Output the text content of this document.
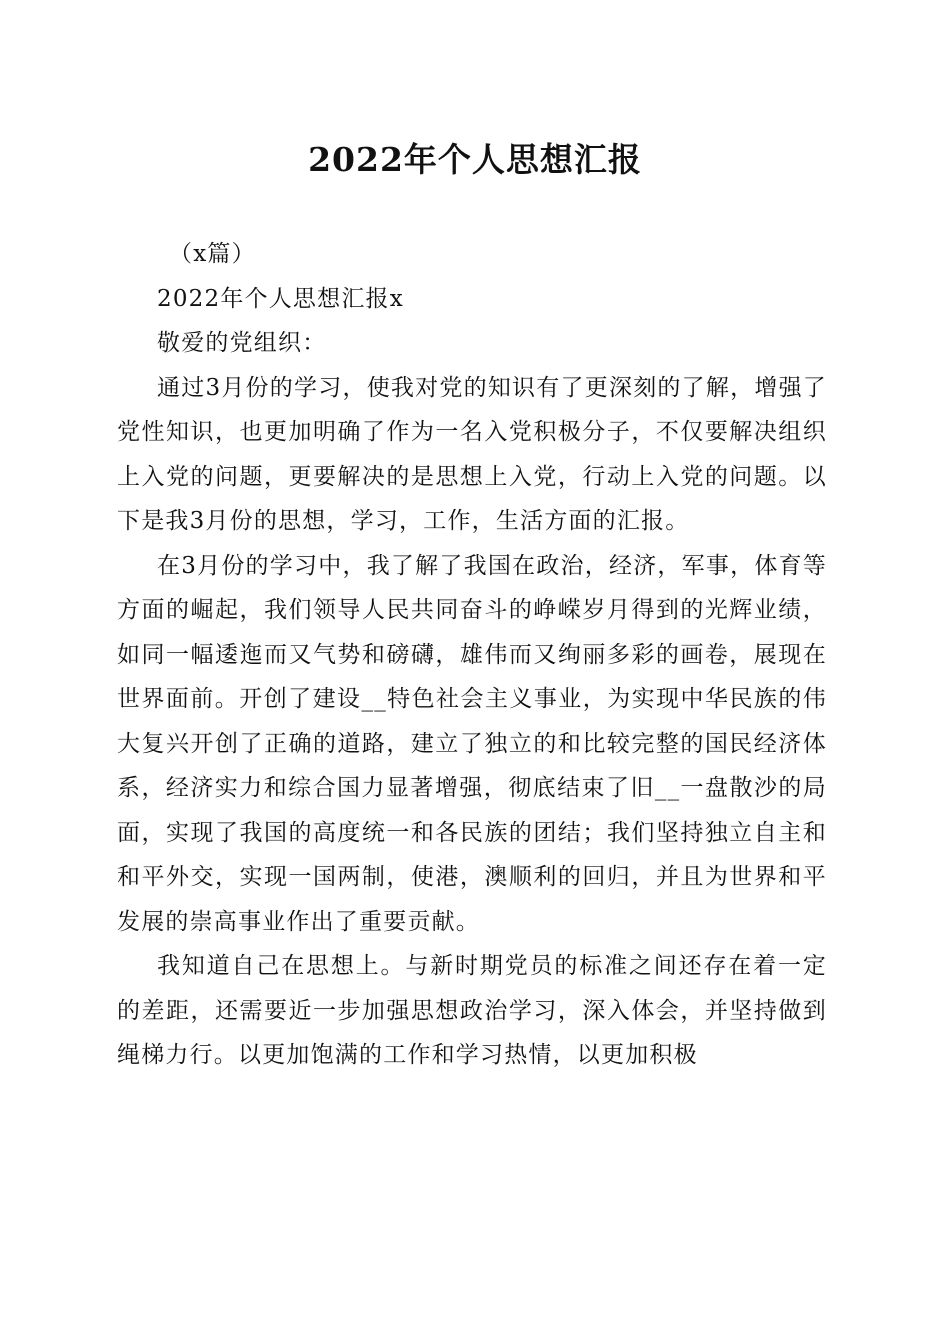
2022年个人思想汇报

（x篇）

2022年个人思想汇报x

敬爱的党组织：

通过3月份的学习，使我对党的知识有了更深刻的了解，增强了党性知识，也更加明确了作为一名入党积极分子，不仅要解决组织上入党的问题，更要解决的是思想上入党，行动上入党的问题。以下是我3月份的思想，学习，工作，生活方面的汇报。

在3月份的学习中，我了解了我国在政治，经济，军事，体育等方面的崛起，我们领导人民共同奋斗的峥嵘岁月得到的光辉业绩，如同一幅逶迤而又气势和磅礴，雄伟而又绚丽多彩的画卷，展现在世界面前。开创了建设__特色社会主义事业，为实现中华民族的伟大复兴开创了正确的道路，建立了独立的和比较完整的国民经济体系，经济实力和综合国力显著增强，彻底结束了旧__一盘散沙的局面，实现了我国的高度统一和各民族的团结；我们坚持独立自主和和平外交，实现一国两制，使港，澳顺利的回归，并且为世界和平发展的崇高事业作出了重要贡献。

我知道自己在思想上。与新时期党员的标准之间还存在着一定的差距，还需要近一步加强思想政治学习，深入体会，并坚持做到绳梯力行。以更加饱满的工作和学习热情，以更加积极
